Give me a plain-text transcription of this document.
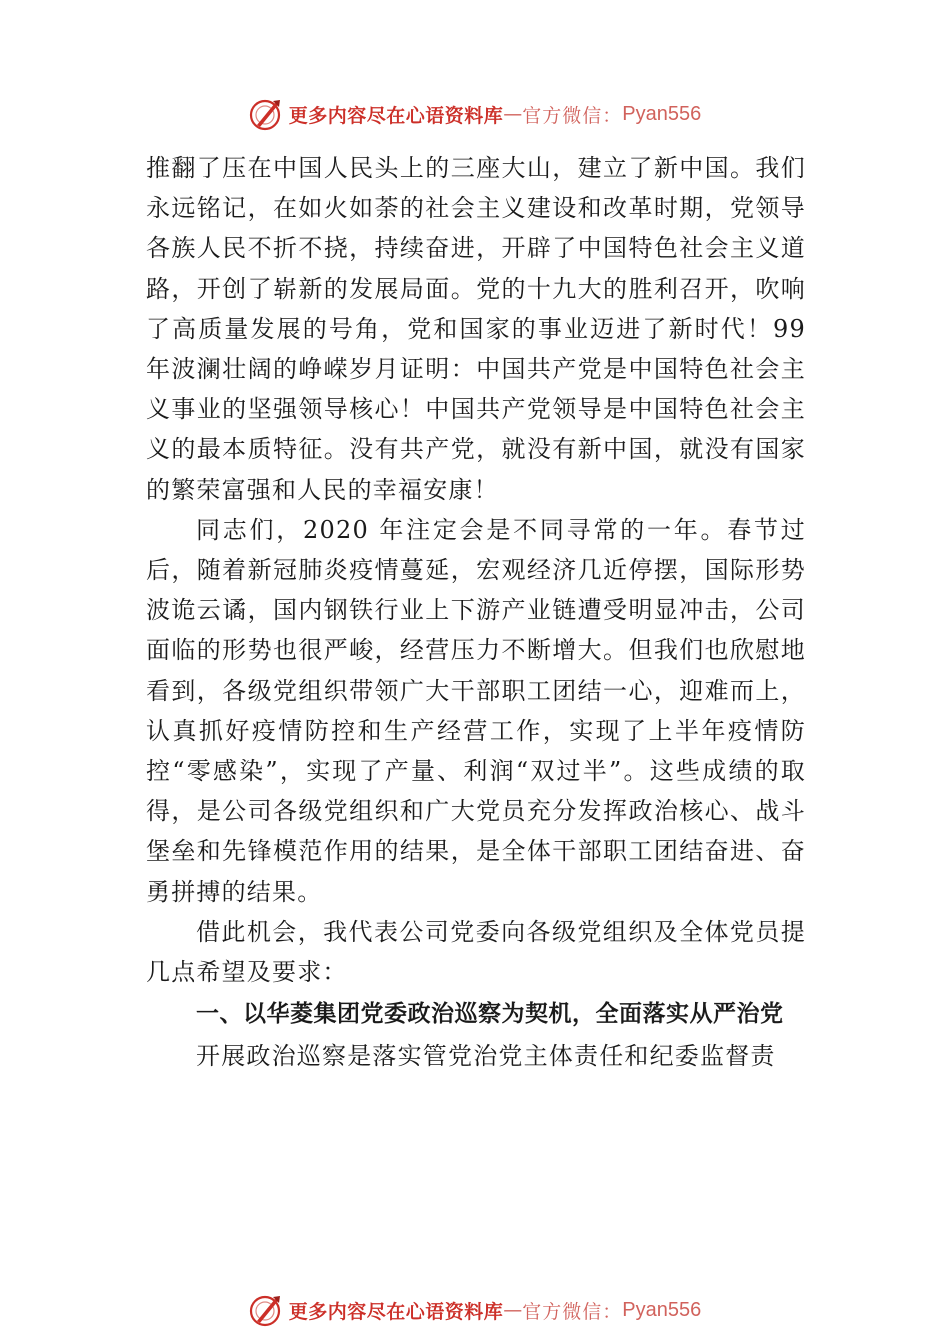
更多内容尽在心语资料库 — 官方微信： Pyan556

推翻了压在中国人民头上的三座大山，建立了新中国。我们永远铭记，在如火如荼的社会主义建设和改革时期，党领导各族人民不折不挠，持续奋进，开辟了中国特色社会主义道路，开创了崭新的发展局面。党的十九大的胜利召开，吹响了高质量发展的号角，党和国家的事业迈进了新时代！99年波澜壮阔的峥嵘岁月证明：中国共产党是中国特色社会主义事业的坚强领导核心！中国共产党领导是中国特色社会主义的最本质特征。没有共产党，就没有新中国，就没有国家的繁荣富强和人民的幸福安康！

同志们，2020 年注定会是不同寻常的一年。春节过后，随着新冠肺炎疫情蔓延，宏观经济几近停摆，国际形势波诡云谲，国内钢铁行业上下游产业链遭受明显冲击，公司面临的形势也很严峻，经营压力不断增大。但我们也欣慰地看到，各级党组织带领广大干部职工团结一心，迎难而上，认真抓好疫情防控和生产经营工作，实现了上半年疫情防控“零感染”，实现了产量、利润“双过半”。这些成绩的取得，是公司各级党组织和广大党员充分发挥政治核心、战斗堡垒和先锋模范作用的结果，是全体干部职工团结奋进、奋勇拼搏的结果。

借此机会，我代表公司党委向各级党组织及全体党员提几点希望及要求：

一、以华菱集团党委政治巡察为契机，全面落实从严治党

开展政治巡察是落实管党治党主体责任和纪委监督责

更多内容尽在心语资料库 — 官方微信： Pyan556
